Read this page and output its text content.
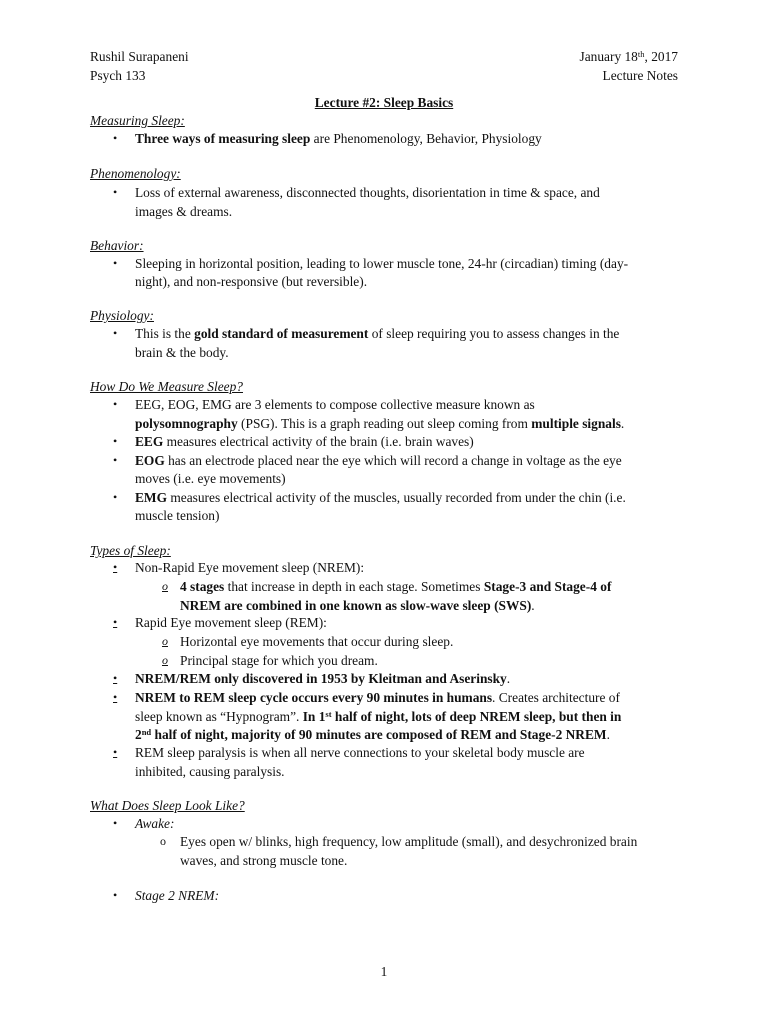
Rushil Surapaneni
Psych 133
January 18th, 2017
Lecture Notes
Lecture #2: Sleep Basics
Measuring Sleep:
• Three ways of measuring sleep are Phenomenology, Behavior, Physiology
Phenomenology:
• Loss of external awareness, disconnected thoughts, disorientation in time & space, and
images & dreams.
Behavior:
• Sleeping in horizontal position, leading to lower muscle tone, 24-hr (circadian) timing (day-
night), and non-responsive (but reversible).
Physiology:
• This is the gold standard of measurement of sleep requiring you to assess changes in the
brain & the body.
How Do We Measure Sleep?
• EEG, EOG, EMG are 3 elements to compose collective measure known as
polysomnography (PSG). This is a graph reading out sleep coming from multiple signals.
• EEG measures electrical activity of the brain (i.e. brain waves)
• EOG has an electrode placed near the eye which will record a change in voltage as the eye
moves (i.e. eye movements)
• EMG measures electrical activity of the muscles, usually recorded from under the chin (i.e.
muscle tension)
Types of Sleep:
• Non-Rapid Eye movement sleep (NREM):
o 4 stages that increase in depth in each stage. Sometimes Stage-3 and Stage-4 of
NREM are combined in one known as slow-wave sleep (SWS).
• Rapid Eye movement sleep (REM):
o Horizontal eye movements that occur during sleep.
o Principal stage for which you dream.
• NREM/REM only discovered in 1953 by Kleitman and Aserinsky.
• NREM to REM sleep cycle occurs every 90 minutes in humans. Creates architecture of
sleep known as “Hypnogram”. In 1st half of night, lots of deep NREM sleep, but then in
2nd half of night, majority of 90 minutes are composed of REM and Stage-2 NREM.
• REM sleep paralysis is when all nerve connections to your skeletal body muscle are
inhibited, causing paralysis.
What Does Sleep Look Like?
• Awake:
o Eyes open w/ blinks, high frequency, low amplitude (small), and desychronized brain
waves, and strong muscle tone.
• Stage 2 NREM:
1
